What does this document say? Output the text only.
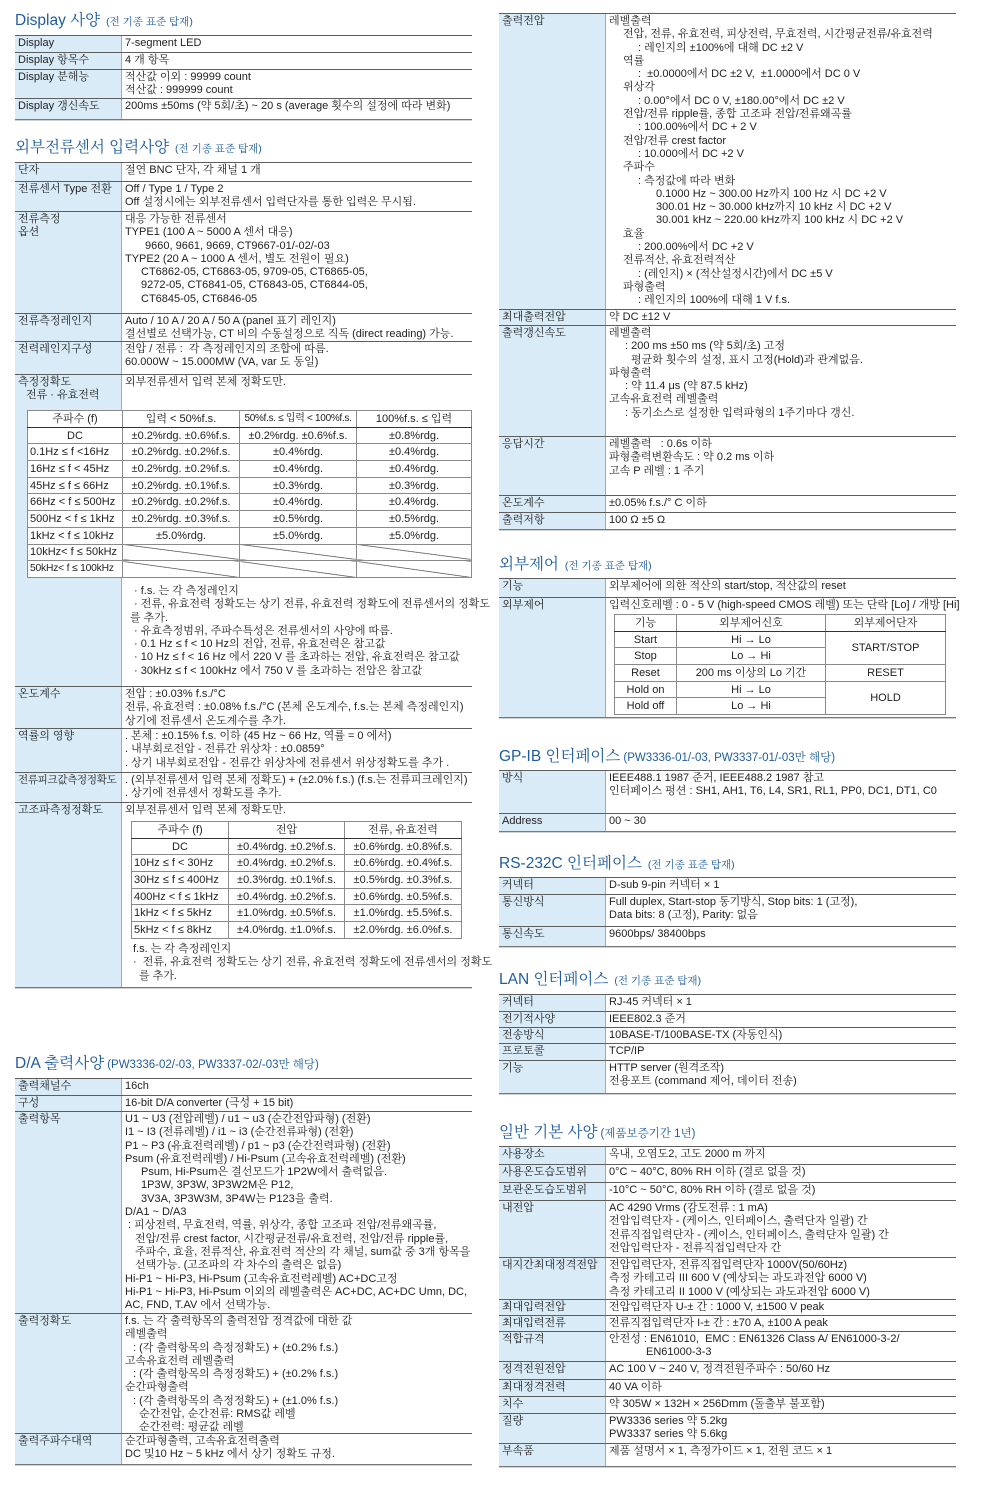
Display 사양 (전 기종 표준 탑재)
Display	7-segment LED
Display 항목수	4 개 항목
Display 분해능	적산값 이외 : 99999 count
적산값 : 999999 count
Display 갱신속도	200ms ±50ms (약 5회/초) ~ 20 s (average 횟수의 설정에 따라 변화)
외부전류센서 입력사양 (전 기종 표준 탑재)
단자	절연 BNC 단자, 각 채널 1 개
전류센서 Type 전환	Off / Type 1 / Type 2
Off 설정시에는 외부전류센서 입력단자를 통한 입력은 무시됨.
전류측정
옵션
대응 가능한 전류센서
TYPE1 (100 A ~ 5000 A 센서 대응)
9660, 9661, 9669, CT9667-01/-02/-03
TYPE2 (20 A ~ 1000 A 센서, 별도 전원이 필요)
CT6862-05, CT6863-05, 9709-05, CT6865-05,
9272-05, CT6841-05, CT6843-05, CT6844-05,
CT6845-05, CT6846-05
전류측정레인지	Auto / 10 A / 20 A / 50 A (panel 표기 레인지)
결선별로 선택가능, CT 비의 수동설정으로 직독 (direct reading) 가능.
전력레인지구성	전압 / 전류 :  각 측정레인지의 조합에 따름.
60.000W ~ 15.000MW (VA, var 도 동일)
측정정확도
전류 · 유효전력
외부전류센서 입력 본체 정확도만.
주파수 (f)	입력 < 50%f.s.	50%f.s. ≤ 입력 < 100%f.s.	100%f.s. ≤ 입력
DC	±0.2%rdg. ±0.6%f.s.	±0.2%rdg. ±0.6%f.s.	±0.8%rdg.
0.1Hz ≤ f <16Hz	±0.2%rdg. ±0.2%f.s.	±0.4%rdg.	±0.4%rdg.
16Hz ≤ f < 45Hz	±0.2%rdg. ±0.2%f.s.	±0.4%rdg.	±0.4%rdg.
45Hz ≤ f ≤ 66Hz	±0.2%rdg. ±0.1%f.s.	±0.3%rdg.	±0.3%rdg.
66Hz < f ≤ 500Hz	±0.2%rdg. ±0.2%f.s.	±0.4%rdg.	±0.4%rdg.
500Hz < f ≤ 1kHz	±0.2%rdg. ±0.3%f.s.	±0.5%rdg.	±0.5%rdg.
1kHz < f ≤ 10kHz	±5.0%rdg.	±5.0%rdg.	±5.0%rdg.
10kHz< f ≤ 50kHz			
50kHz< f ≤ 100kHz			
· f.s. 는 각 측정레인지
· 전류, 유효전력 정확도는 상기 전류, 유효전력 정확도에 전류센서의 정확도
를 추가.
· 유효측정범위, 주파수특성은 전류센서의 사양에 따름.
· 0.1 Hz ≤ f < 10 Hz의 전압, 전류, 유효전력은 참고값
· 10 Hz ≤ f < 16 Hz 에서 220 V 를 초과하는 전압, 유효전력은 참고값
· 30kHz ≤ f < 100kHz 에서 750 V 를 초과하는 전압은 참고값
온도계수	전압 : ±0.03% f.s./°C
전류, 유효전력 : ±0.08% f.s./°C (본체 온도계수, f.s.는 본체 측정레인지)
상기에 전류센서 온도계수를 추가.
역률의 영향	. 본체 : ±0.15% f.s. 이하 (45 Hz ~ 66 Hz, 역률 = 0 에서)
. 내부회로전압 - 전류간 위상차 : ±0.0859°
. 상기 내부회로전압 - 전류간 위상차에 전류센서 위상정확도를 추가 .
전류피크값측정정확도 . (외부전류센서 입력 본체 정확도) + (±2.0% f.s.) (f.s.는 전류피크레인지)
. 상기에 전류센서 정확도를 추가.
고조파측정정확도	외부전류센서 입력 본체 정확도만.
주파수 (f)	전압	전류, 유효전력
DC	±0.4%rdg. ±0.2%f.s.	±0.6%rdg. ±0.8%f.s.
10Hz ≤ f < 30Hz	±0.4%rdg. ±0.2%f.s.	±0.6%rdg. ±0.4%f.s.
30Hz ≤ f ≤ 400Hz	±0.3%rdg. ±0.1%f.s.	±0.5%rdg. ±0.3%f.s.
400Hz < f ≤ 1kHz	±0.4%rdg. ±0.2%f.s.	±0.6%rdg. ±0.5%f.s.
1kHz < f ≤ 5kHz	±1.0%rdg. ±0.5%f.s.	±1.0%rdg. ±5.5%f.s.
5kHz < f ≤ 8kHz	±4.0%rdg. ±1.0%f.s.	±2.0%rdg. ±6.0%f.s.
f.s. 는 각 측정레인지
·  전류, 유효전력 정확도는 상기 전류, 유효전력 정확도에 전류센서의 정확도
를 추가.
D/A 출력사양 (PW3336-02/-03, PW3337-02/-03만 해당)
출력채널수	16ch
구성	16-bit D/A converter (극성 + 15 bit)
출력항목	U1 ~ U3 (전압레벨) / u1 ~ u3 (순간전압파형) (전환)
I1 ~ I3 (전류레벨) / i1 ~ i3 (순간전류파형) (전환)
P1 ~ P3 (유효전력레벨) / p1 ~ p3 (순간전력파형) (전환)
Psum (유효전력레벨) / Hi-Psum (고속유효전력레벨) (전환)
Psum, Hi-Psum은 결선모드가 1P2W에서 출력없음.
1P3W, 3P3W, 3P3W2M은 P12,
3V3A, 3P3W3M, 3P4W는 P123을 출력.
D/A1 ~ D/A3
: 피상전력, 무효전력, 역률, 위상각, 종합 고조파 전압/전류왜곡률,
전압/전류 crest factor, 시간평균전류/유효전력, 전압/전류 ripple률,
주파수, 효율, 전류적산, 유효전력 적산의 각 채널, sum값 중 3개 항목을
선택가능. (고조파의 각 차수의 출력은 없음)
Hi-P1 ~ Hi-P3, Hi-Psum (고속유효전력레벨) AC+DC고정
Hi-P1 ~ Hi-P3, Hi-Psum 이외의 레벨출력은 AC+DC, AC+DC Umn, DC,
AC, FND, T.AV 에서 선택가능.
출력정확도	f.s. 는 각 출력항목의 출력전압 정격값에 대한 값
레벨출력
: (각 출력항목의 측정정확도) + (±0.2% f.s.)
고속유효전력 레벨출력
: (각 출력항목의 측정정확도) + (±0.2% f.s.)
순간파형출력
: (각 출력항목의 측정정확도) + (±1.0% f.s.)
순간전압, 순간전류: RMS값 레벨
순간전력: 평균값 레벨
출력주파수대역	순간파형출력, 고속유효전력출력
DC 및10 Hz ~ 5 kHz 에서 상기 정확도 규정.
출력전압	레벨출력
전압, 전류, 유효전력, 피상전력, 무효전력, 시간평균전류/유효전력
: 레인지의 ±100%에 대해 DC ±2 V
역률
:  ±0.0000에서 DC ±2 V,  ±1.0000에서 DC 0 V
위상각
: 0.00°에서 DC 0 V, ±180.00°에서 DC ±2 V
전압/전류 ripple률, 종합 고조파 전압/전류왜곡률
: 100.00%에서 DC + 2 V
전압/전류 crest factor
: 10.000에서 DC +2 V
주파수
: 측정값에 따라 변화
0.1000 Hz ~ 300.00 Hz까지 100 Hz 시 DC +2 V
300.01 Hz ~ 30.000 kHz까지 10 kHz 시 DC +2 V
30.001 kHz ~ 220.00 kHz까지 100 kHz 시 DC +2 V
효율
: 200.00%에서 DC +2 V
전류적산, 유효전력적산
: (레인지) × (적산설정시간)에서 DC ±5 V
파형출력
: 레인지의 100%에 대해 1 V f.s.
최대출력전압	약 DC ±12 V
출력갱신속도	레벨출력
: 200 ms ±50 ms (약 5회/초) 고정
평균화 횟수의 설정, 표시 고정(Hold)과 관계없음.
파형출력
: 약 11.4 μs (약 87.5 kHz)
고속유효전력 레벨출력
: 동기소스로 설정한 입력파형의 1주기마다 갱신.
응답시간	레벨출력   : 0.6s 이하
파형출력변환속도 : 약 0.2 ms 이하
고속 P 레벨 : 1 주기
온도계수	±0.05% f.s./° C 이하
출력저항	100 Ω ±5 Ω
외부제어 (전 기종 표준 탑재)
기능	외부제어에 의한 적산의 start/stop, 적산값의 reset
외부제어	입력신호레벨 : 0 - 5 V (high-speed CMOS 레벨) 또는 단락 [Lo] / 개방 [Hi]
기능	외부제어신호	외부제어단자
Start	Hi → Lo	START/STOP
Stop	Lo → Hi	
Reset	200 ms 이상의 Lo 기간	RESET
Hold on	Hi → Lo	HOLD
Hold off	Lo → Hi	
GP-IB 인터페이스 (PW3336-01/-03, PW3337-01/-03만 해당)
방식	IEEE488.1 1987 준거, IEEE488.2 1987 참고
인터페이스 펑션 : SH1, AH1, T6, L4, SR1, RL1, PP0, DC1, DT1, C0
Address	00 ~ 30
RS-232C 인터페이스 (전 기종 표준 탑재)
커넥터	D-sub 9-pin 커넥터 × 1
통신방식	Full duplex, Start-stop 동기방식, Stop bits: 1 (고정),
Data bits: 8 (고정), Parity: 없음
통신속도	9600bps/ 38400bps
LAN 인터페이스 (전 기종 표준 탑재)
커넥터	RJ-45 커넥터 × 1
전기적사양	IEEE802.3 준거
전송방식	10BASE-T/100BASE-TX (자동인식)
프로토콜	TCP/IP
기능	HTTP server (원격조작)
전용포트 (command 제어, 데이터 전송)
일반 기본 사양 (제품보증기간 1년)
사용장소	옥내, 오염도2, 고도 2000 m 까지
사용온도습도범위	0°C ~ 40°C, 80% RH 이하 (결로 없을 것)
보관온도습도범위	-10°C ~ 50°C, 80% RH 이하 (결로 없을 것)
내전압	AC 4290 Vrms (감도전류 : 1 mA)
전압입력단자 - (케이스, 인터페이스, 출력단자 일괄) 간
전류직접입력단자 - (케이스, 인터페이스, 출력단자 일괄) 간
전압입력단자 - 전류직접입력단자 간
대지간최대정격전압	전압입력단자, 전류직접입력단자 1000V(50/60Hz)
측정 카테고리 III 600 V (예상되는 과도과전압 6000 V)
측정 카테고리 II 1000 V (예상되는 과도과전압 6000 V)
최대입력전압	전압입력단자 U-± 간 : 1000 V, ±1500 V peak
최대입력전류	전류직접입력단자 I-± 간 : ±70 A, ±100 A peak
적합규격	안전성 : EN61010,  EMC : EN61326 Class A/ EN61000-3-2/
EN61000-3-3
정격전원전압	AC 100 V ~ 240 V, 정격전원주파수 : 50/60 Hz
최대정격전력	40 VA 이하
치수	약 305W × 132H × 256Dmm (돌출부 불포함)
질량	PW3336 series 약 5.2kg
PW3337 series 약 5.6kg
부속품	제품 설명서 × 1, 측정가이드 × 1, 전원 코드 × 1
